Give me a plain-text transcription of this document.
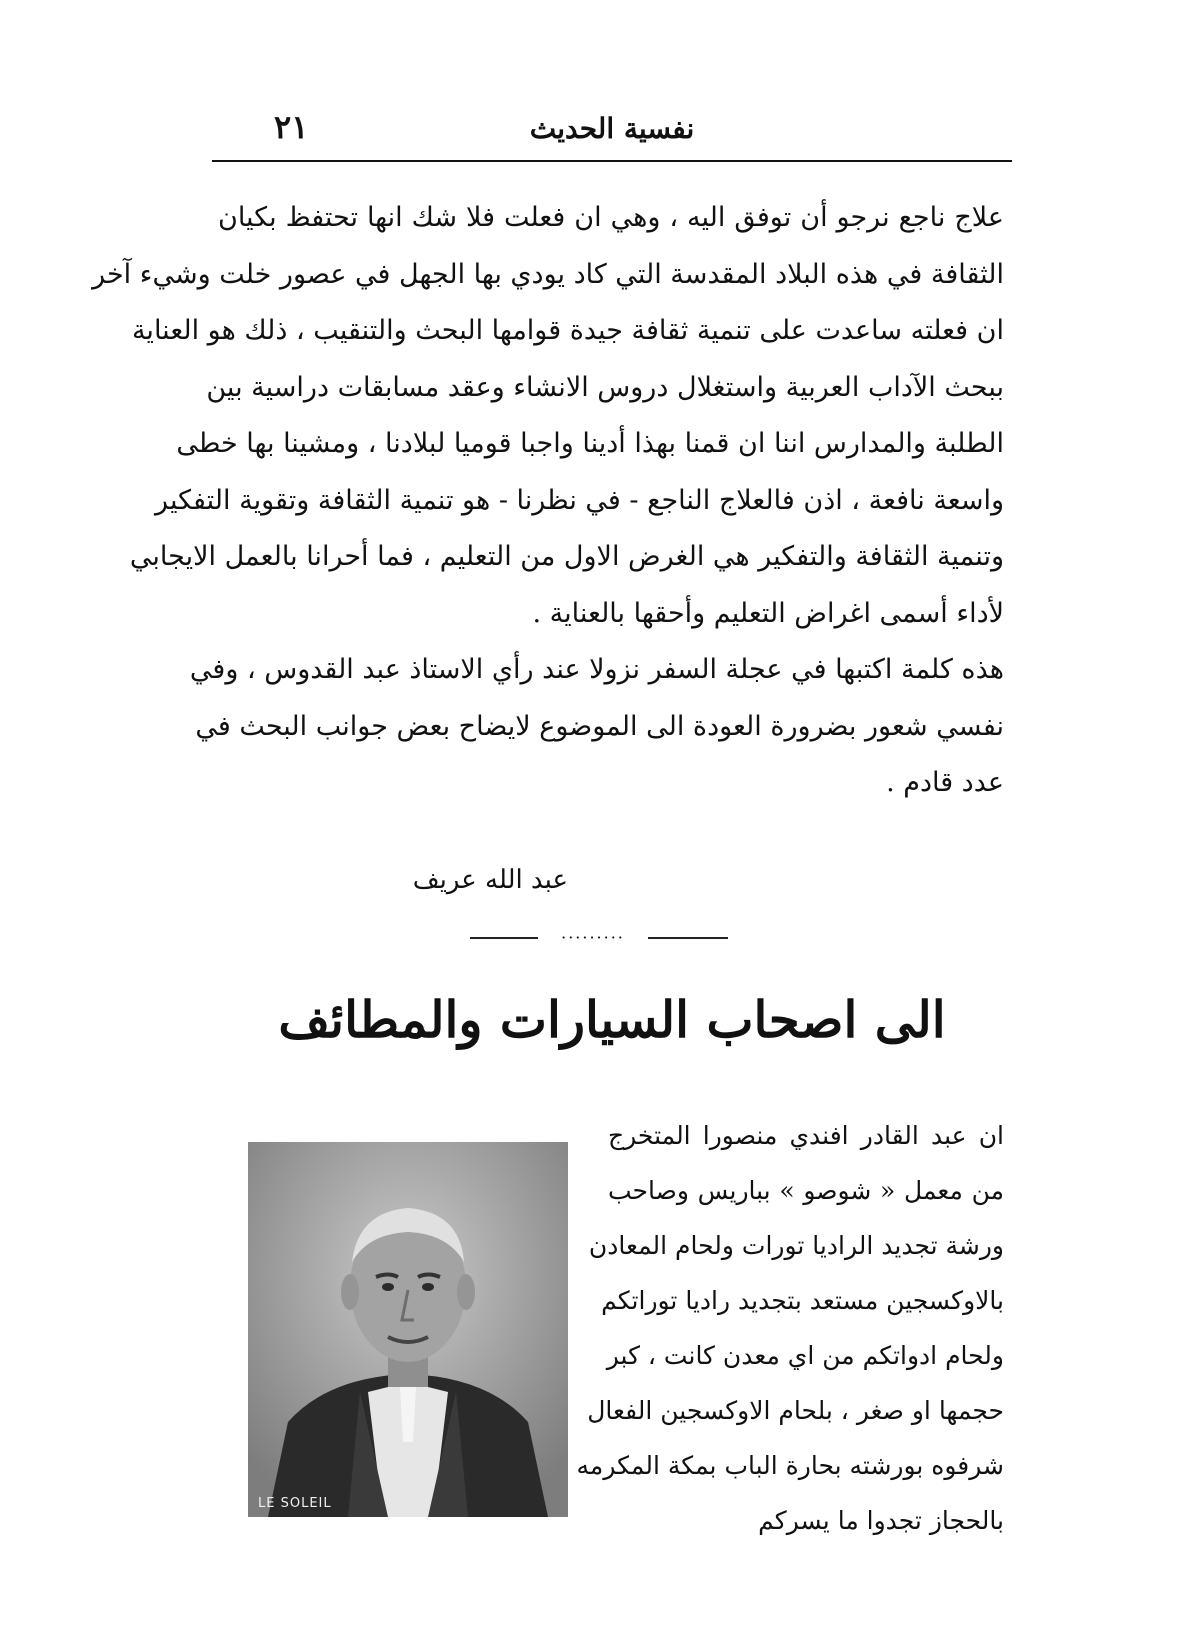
٢١	نفسية الحديث
علاج ناجع نرجو أن توفق اليه ، وهي ان فعلت فلا شك انها تحتفظ بكيان
الثقافة في هذه البلاد المقدسة التي كاد يودي بها الجهل في عصور خلت وشيء آخر
ان فعلته ساعدت على تنمية ثقافة جيدة قوامها البحث والتنقيب ، ذلك هو العناية
ببحث الآداب العربية واستغلال دروس الانشاء وعقد مسابقات دراسية بين
الطلبة والمدارس اننا ان قمنا بهذا أدينا واجبا قوميا لبلادنا ، ومشينا بها خطى
واسعة نافعة ، اذن فالعلاج الناجع - في نظرنا - هو تنمية الثقافة وتقوية التفكير
وتنمية الثقافة والتفكير هي الغرض الاول من التعليم ، فما أحرانا بالعمل الايجابي
لأداء أسمى اغراض التعليم وأحقها بالعناية .
هذه كلمة اكتبها في عجلة السفر نزولا عند رأي الاستاذ عبد القدوس ، وفي
نفسي شعور بضرورة العودة الى الموضوع لايضاح بعض جوانب البحث في
عدد قادم .
عبد الله عريف
·········
الى اصحاب السيارات والمطائف
LE SOLEIL
ان عبد القادر افندي منصورا المتخرج
من معمل « شوصو » بباريس وصاحب
ورشة تجديد الراديا تورات ولحام المعادن
بالاوكسجين مستعد بتجديد راديا توراتكم
ولحام ادواتكم من اي معدن كانت ، كبر
حجمها او صغر ، بلحام الاوكسجين الفعال
شرفوه بورشته بحارة الباب بمكة المكرمه
بالحجاز تجدوا ما يسركم
